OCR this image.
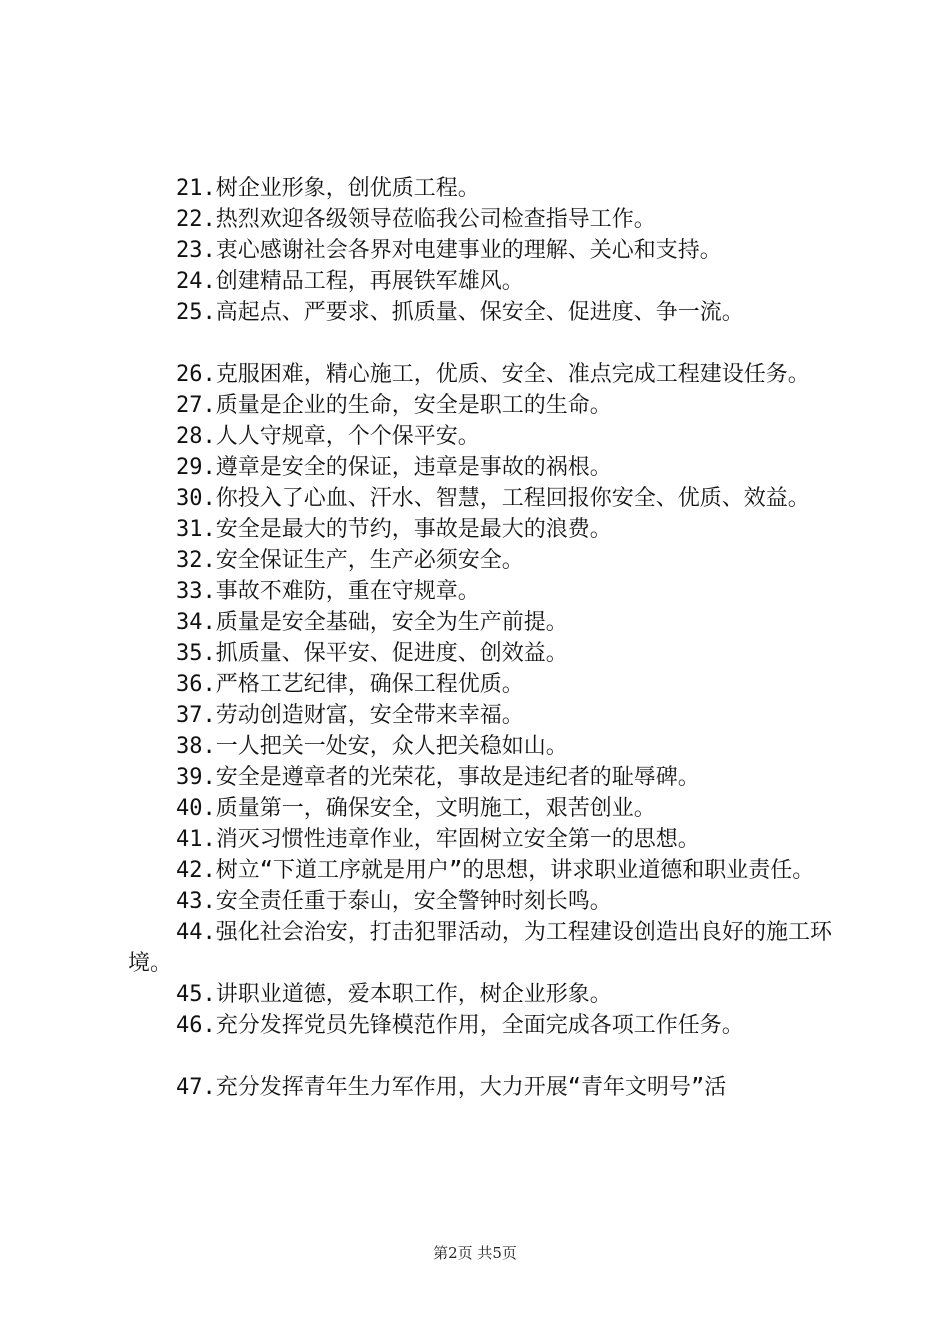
21.树企业形象，创优质工程。

22.热烈欢迎各级领导莅临我公司检查指导工作。

23.衷心感谢社会各界对电建事业的理解、关心和支持。

24.创建精品工程，再展铁军雄风。

25.高起点、严要求、抓质量、保安全、促进度、争一流。

26.克服困难，精心施工，优质、安全、准点完成工程建设任务。

27.质量是企业的生命，安全是职工的生命。

28.人人守规章，个个保平安。

29.遵章是安全的保证，违章是事故的祸根。

30.你投入了心血、汗水、智慧，工程回报你安全、优质、效益。

31.安全是最大的节约，事故是最大的浪费。

32.安全保证生产，生产必须安全。

33.事故不难防，重在守规章。

34.质量是安全基础，安全为生产前提。

35.抓质量、保平安、促进度、创效益。

36.严格工艺纪律，确保工程优质。

37.劳动创造财富，安全带来幸福。

38.一人把关一处安，众人把关稳如山。

39.安全是遵章者的光荣花，事故是违纪者的耻辱碑。

40.质量第一，确保安全，文明施工，艰苦创业。

41.消灭习惯性违章作业，牢固树立安全第一的思想。

42.树立“下道工序就是用户”的思想，讲求职业道德和职业责任。

43.安全责任重于泰山，安全警钟时刻长鸣。

44.强化社会治安，打击犯罪活动，为工程建设创造出良好的施工环境。

45.讲职业道德，爱本职工作，树企业形象。

46.充分发挥党员先锋模范作用，全面完成各项工作任务。

47.充分发挥青年生力军作用，大力开展“青年文明号”活

第2页 共5页
